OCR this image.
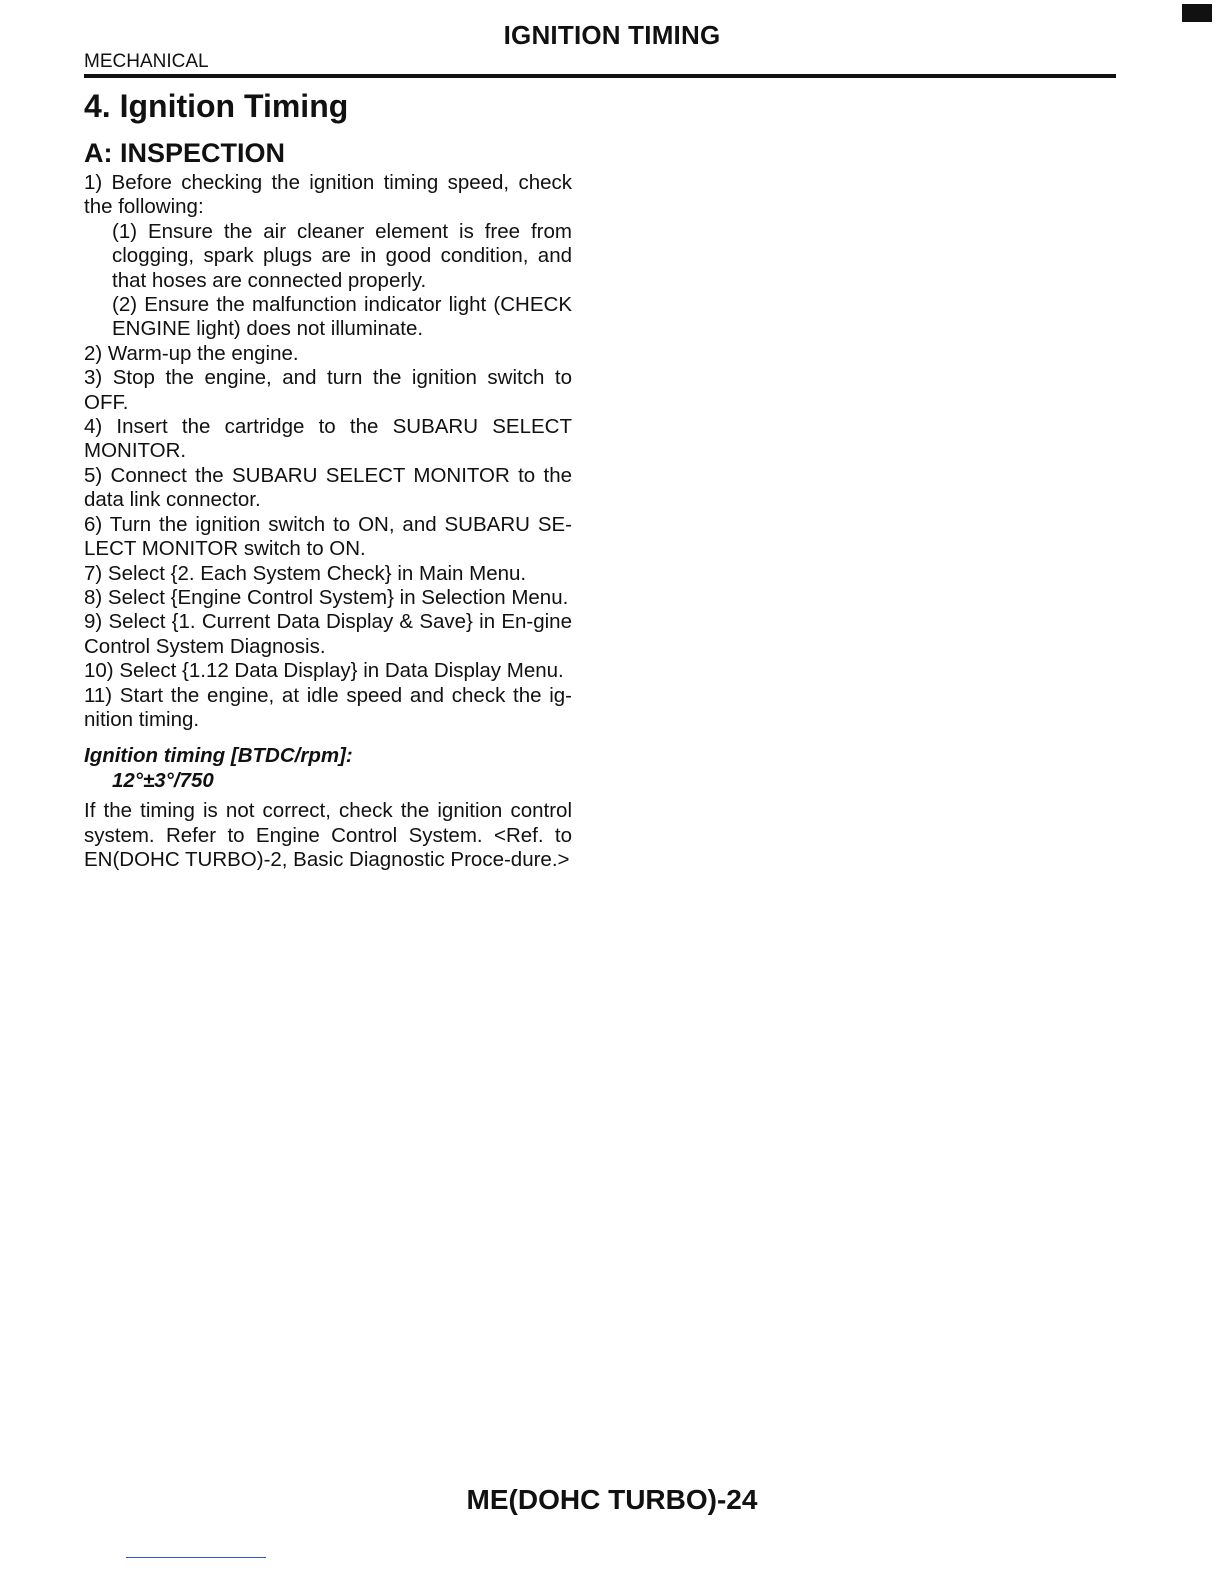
IGNITION TIMING
MECHANICAL
4. Ignition Timing
A: INSPECTION
1) Before checking the ignition timing speed, check the following:
(1) Ensure the air cleaner element is free from clogging, spark plugs are in good condition, and that hoses are connected properly.
(2) Ensure the malfunction indicator light (CHECK ENGINE light) does not illuminate.
2) Warm-up the engine.
3) Stop the engine, and turn the ignition switch to OFF.
4) Insert the cartridge to the SUBARU SELECT MONITOR.
5) Connect the SUBARU SELECT MONITOR to the data link connector.
6) Turn the ignition switch to ON, and SUBARU SE-LECT MONITOR switch to ON.
7) Select {2. Each System Check} in Main Menu.
8) Select {Engine Control System} in Selection Menu.
9) Select {1. Current Data Display & Save} in En-gine Control System Diagnosis.
10) Select {1.12 Data Display} in Data Display Menu.
11) Start the engine, at idle speed and check the ig-nition timing.
Ignition timing [BTDC/rpm]:
12°±3°/750
If the timing is not correct, check the ignition control system. Refer to Engine Control System. <Ref. to EN(DOHC TURBO)-2, Basic Diagnostic Proce-dure.>
ME(DOHC TURBO)-24
